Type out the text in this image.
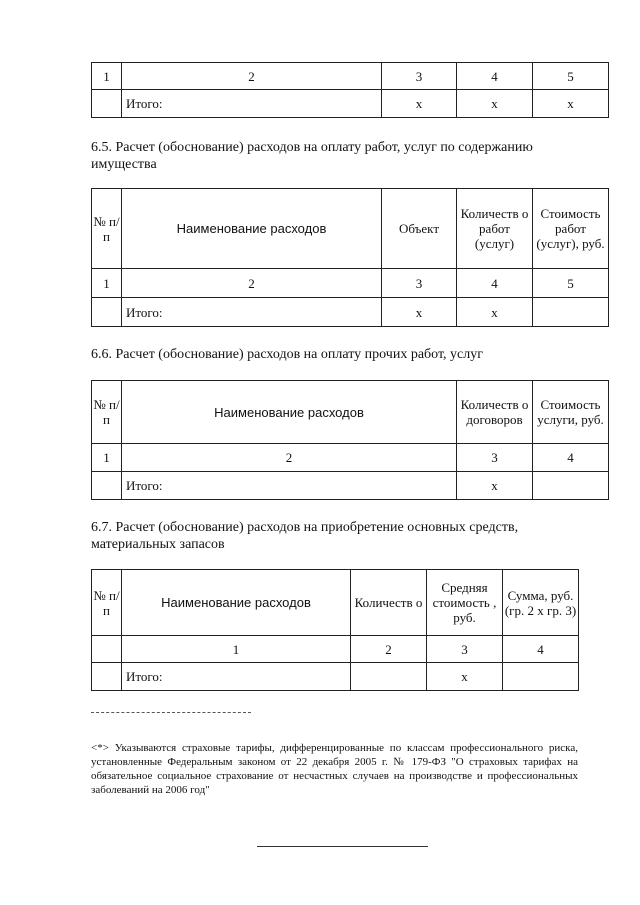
1	2	3	4	5
	Итого:	x	x	x
6.5. Расчет (обоснование) расходов на оплату работ, услуг по содержанию имущества
№ п/п	Наименование расходов	Объект	Количеств о работ (услуг)	Стоимость работ (услуг), руб.
1	2	3	4	5
	Итого:	x	x	
6.6. Расчет (обоснование) расходов на оплату прочих работ, услуг
№ п/п	Наименование расходов	Количеств о договоров	Стоимость услуги, руб.
1	2	3	4
	Итого:	x	
6.7. Расчет (обоснование) расходов на приобретение основных средств, материальных запасов
№ п/п	Наименование расходов	Количеств о	Средняя стоимость , руб.	Сумма, руб. (гр. 2 х гр. 3)
	1	2	3	4
	Итого:		x	
<*> Указываются страховые тарифы, дифференцированные по классам профессионального риска, установленные Федеральным законом от 22 декабря 2005 г. № 179-ФЗ "О страховых тарифах на обязательное социальное страхование от несчастных случаев на производстве и профессиональных заболеваний на 2006 год"
